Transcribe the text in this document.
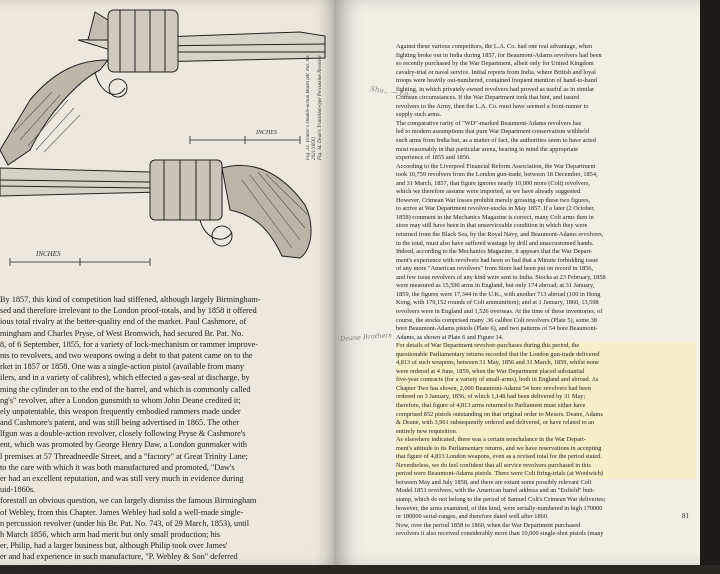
INCHES
INCHES
Fig. 33. Tranter's Double-action Model (Br. Pat. No. 2921/1856) Fig. 34. Dean's Transition-type Percussion Revolver
By 1857, this kind of competition had stiffened, although largely Birmingham-
sed and therefore irrelevant to the London proof-totals, and by 1858 it offered
ious total rivalry at the better-quality end of the market. Paul Cashmore, of
mingham and Charles Pryse, of West Bromwich, had secured Br. Pat. No.
8, of 6 September, 1855, for a variety of lock-mechanism or rammer improve-
nts to revolvers, and two weapons owing a debt to that patent came on to the
rket in 1857 or 1858. One was a single-action pistol (available from many
ilers, and in a variety of calibres), which effected a gas-seal at discharge, by
ming the cylinder on to the end of the barrel, and which is commonly called
ng's" revolver, after a London gunsmith to whom John Deane credited it;
ely unpatentable, this weapon frequently embodied rammers made under
and Cashmore's patent, and was still being advertised in 1865. The other
lfgun was a double-action revolver, closely following Pryse & Cashmore's
ent, which was promoted by George Henry Daw, a London gunmaker with
l premises at 57 Threadneedle Street, and a "factory" at Great Trinity Lane;
to the care with which it was both manufactured and promoted, "Daw's
er had an excellent reputation, and was still very much in evidence during
uid-1860s.
forestall an obvious question, we can largely dismiss the famous Birmingham
of Webley, from this Chapter. James Webley had sold a well-made single-
n percussion revolver (under his Br. Pat. No. 743, of 29 March, 1853), until
h March 1856, which arm had merit but only small production; his
er, Philip, had a larger business but, although Philip took over James'
er and had experience in such manufacture, "P. Webley & Son" deferred
entry into the field until late 1860 or early 1861.
Against these various competitors, the L.A. Co. had one real advantage, when
fighting broke out in India during 1857, for Beaumont-Adams revolvers had been
so recently purchased by the War Department, albeit only for United Kingdom
cavalry-trial or naval service. Initial reports from India, where British and loyal
troops were heavily out-numbered, contained frequent mention of hand-to-hand
fighting, in which privately owned revolvers had proved as useful as in similar
Crimean circumstances. If the War Department took that hint, and issued
revolvers to the Army, then the L.A. Co. must have seemed a front-runner to
supply such arms.
The comparative rarity of "WD"-marked Beaumont-Adams revolvers has
led to modern assumptions that pure War Department conservatism withheld
such arms from India but, as a matter of fact, the authorities seem to have acted
most reasonably in that particular arena, bearing in mind the appropriate
experience of 1855 and 1856.
According to the Liverpool Financial Reform Association, the War Department
took 10,759 revolvers from the London gun-trade, between 18 December, 1854,
and 31 March, 1857, that figure ignores nearly 10,000 more (Colt) revolvers,
which we therefore assume were imported, as we have already suggested.
However, Crimean War losses prohibit merely grossing-up these two figures,
to arrive at War Department revolver-stocks in May 1857. If a later (2 October,
1858) comment in the Mechanics Magazine is correct, many Colt arms then in
store may still have been in that unserviceable condition in which they were
returned from the Black Sea, by the Royal Navy, and Beaumont-Adams revolvers,
in the total, must also have suffered wastage by drill and unaccustomed hands.
Indeed, according to the Mechanics Magazine, it appears that the War Depart-
ment's experience with revolvers had been so bad that a Minute forbidding issue
of any more "American revolvers" from Store had been put on record in 1856,
and few issue revolvers of any kind were sent to India. Stocks at 23 February, 1858
were measured as 15,590 arms in England, but only 174 abroad; at 31 January,
1859, the figures were 17,344 in the U.K., with another 713 abroad (100 in Hong
Kong, with 179,152 rounds of Colt ammunition); and at 1 January, 1860, 13,598
revolvers were in England and 1,526 overseas. At the time of these inventories, of
course, the stocks comprised many .36 calibre Colt revolvers (Plate 5), some 38
bore Beaumont-Adams pistols (Plate 6), and two patterns of 54 bore Beaumont-
Adams, as shown at Plate 6 and Figure 14.
For details of War Department revolver-purchases during this period, the
questionable Parliamentary returns recorded that the London gun-trade delivered
4,813 of such weapons, between 31 May, 1856 and 31 March, 1859, whilst none
were ordered at 4 June, 1859, when the War Department placed substantial
five-year contracts (for a variety of small-arms), both in England and abroad. As
Chapter Two has shown, 2,000 Beaumont-Adams 54 bore revolvers had been
ordered on 3 January, 1856, of which 1,148 had been delivered by 31 May;
therefore, that figure of 4,813 arms returned to Parliament must either have
comprised 852 pistols outstanding on that original order to Messrs. Deane, Adams
& Deane, with 3,961 subsequently ordered and delivered, or have related to an
entirely new requisition.
As elsewhere indicated, there was a certain nonchalance in the War Depart-
ment's attitude to its Parliamentary returns, and we have reservations in accepting
that figure of 4,813 London weapons, even as a revised total for the period stated.
Nevertheless, we do feel confident that all service revolvers purchased in this
period were Beaumont-Adams pistols. There were Colt firing-trials (at Woolwich)
between May and July 1858, and there are extant some possibly relevant Colt
Model 1851 revolvers, with the American barrel address and an "Enfield" butt-
stamp, which do not belong to the period of Samuel Colt's Crimean War deliveries;
however, the arms examined, of this kind, were serially-numbered in high 170000
or 180000 serial-ranges, and therefore dated well after 1860.
Now, over the period 1858 to 1860, when the War Department purchased
revolvers it also received considerably more than 10,000 single-shot pistols (many
Shu.. — Lo...
Deane Brothers
81
